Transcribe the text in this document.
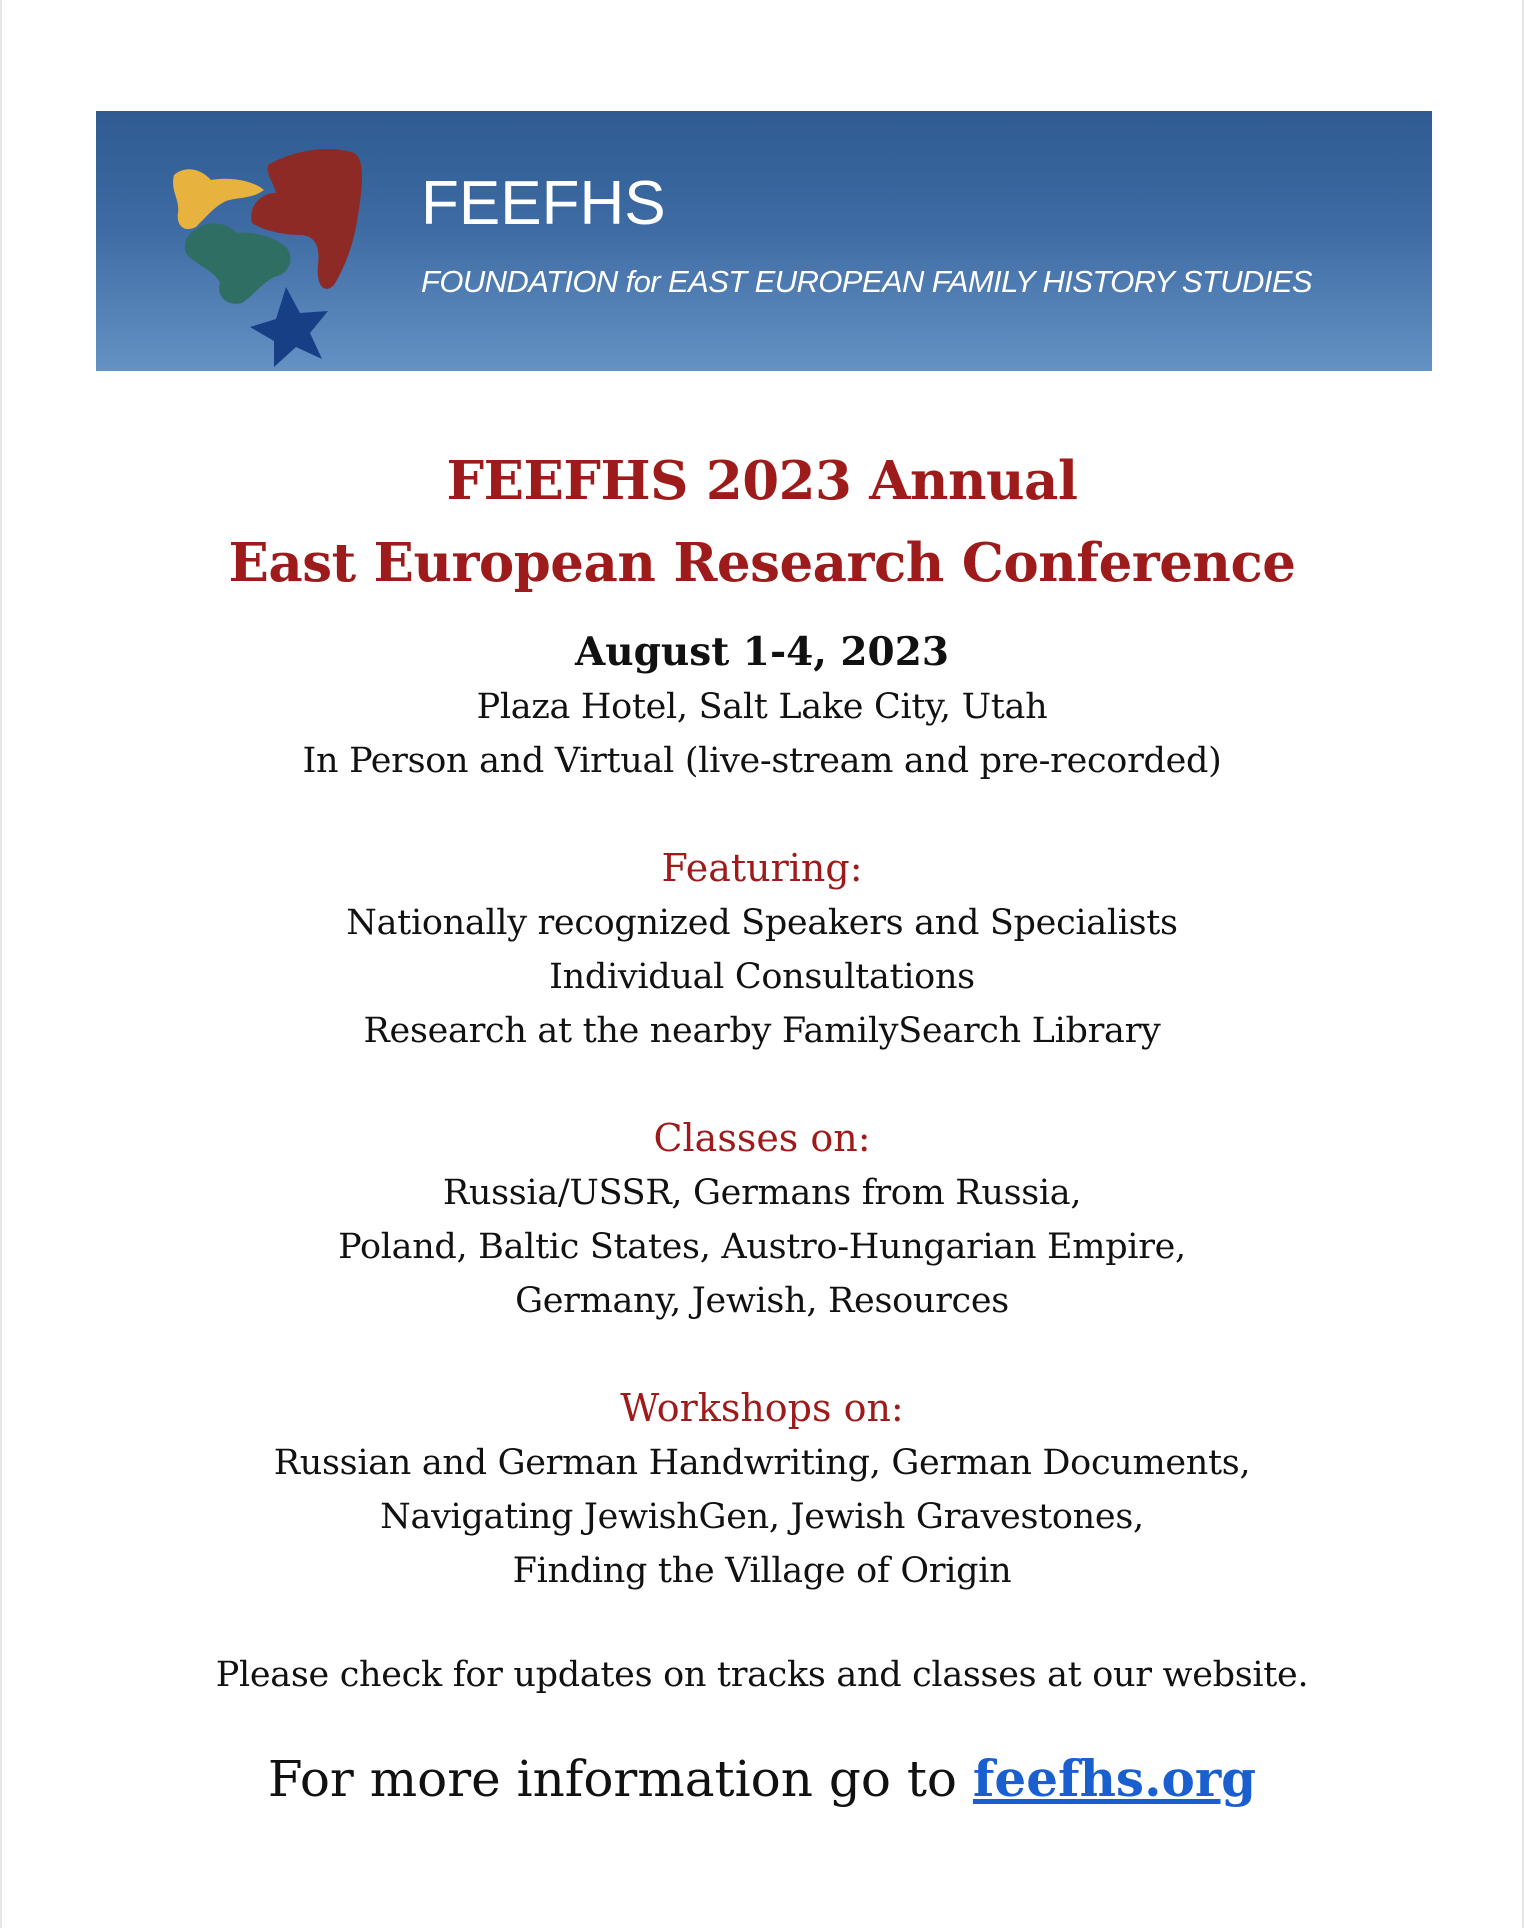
FEEFHS
FOUNDATION for EAST EUROPEAN FAMILY HISTORY STUDIES
FEEFHS 2023 Annual
East European Research Conference
August 1-4, 2023
Plaza Hotel, Salt Lake City, Utah
In Person and Virtual (live-stream and pre-recorded)
Featuring:
Nationally recognized Speakers and Specialists
Individual Consultations
Research at the nearby FamilySearch Library
Classes on:
Russia/USSR, Germans from Russia,
Poland, Baltic States, Austro-Hungarian Empire,
Germany, Jewish, Resources
Workshops on:
Russian and German Handwriting, German Documents,
Navigating JewishGen, Jewish Gravestones,
Finding the Village of Origin
Please check for updates on tracks and classes at our website.
For more information go to feefhs.org
